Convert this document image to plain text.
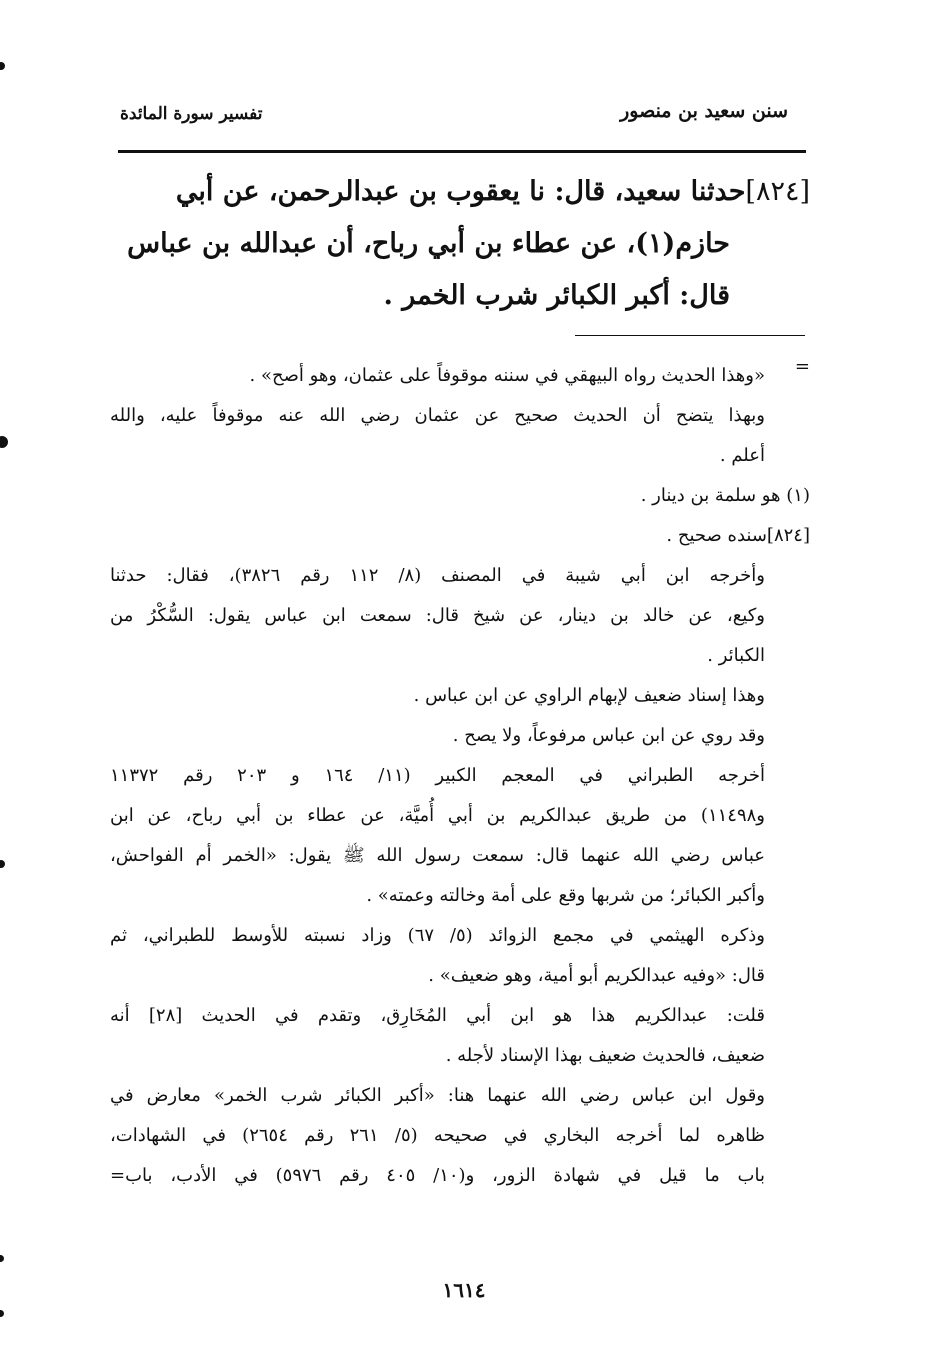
سنن سعيد بن منصور
تفسير سورة المائدة
[٨٢٤]حدثنا سعيد، قال: نا يعقوب بن عبدالرحمن، عن أبي
حازم(١)، عن عطاء بن أبي رباح، أن عبدالله بن عباس
قال: أكبر الكبائر شرب الخمر .
=
«وهذا الحديث رواه البيهقي في سننه موقوفاً على عثمان، وهو أصح» .
وبهذا يتضح أن الحديث صحيح عن عثمان رضي الله عنه موقوفاً عليه، والله
أعلم .
(١) هو سلمة بن دينار .
[٨٢٤]سنده صحيح .
وأخرجه ابن أبي شيبة في المصنف (٨/ ١١٢ رقم ٣٨٢٦)، فقال: حدثنا
وكيع، عن خالد بن دينار، عن شيخ قال: سمعت ابن عباس يقول: السُّكْرُ من
الكبائر .
وهذا إسناد ضعيف لإبهام الراوي عن ابن عباس .
وقد روي عن ابن عباس مرفوعاً، ولا يصح .
أخرجه الطبراني في المعجم الكبير (١١/ ١٦٤ و ٢٠٣ رقم ١١٣٧٢
و١١٤٩٨) من طريق عبدالكريم بن أبي أُميَّة، عن عطاء بن أبي رباح، عن ابن
عباس رضي الله عنهما قال: سمعت رسول الله ﷺ يقول: «الخمر أم الفواحش،
وأكبر الكبائر؛ من شربها وقع على أمة وخالته وعمته» .
وذكره الهيثمي في مجمع الزوائد (٥/ ٦٧) وزاد نسبته للأوسط للطبراني، ثم
قال: «وفيه عبدالكريم أبو أمية، وهو ضعيف» .
قلت: عبدالكريم هذا هو ابن أبي المُخَارِق، وتقدم في الحديث [٢٨] أنه
ضعيف، فالحديث ضعيف بهذا الإسناد لأجله .
وقول ابن عباس رضي الله عنهما هنا: «أكبر الكبائر شرب الخمر» معارض في
ظاهره لما أخرجه البخاري في صحيحه (٥/ ٢٦١ رقم ٢٦٥٤) في الشهادات،
باب ما قيل في شهادة الزور، و(١٠/ ٤٠٥ رقم ٥٩٧٦) في الأدب، باب=
١٦١٤
